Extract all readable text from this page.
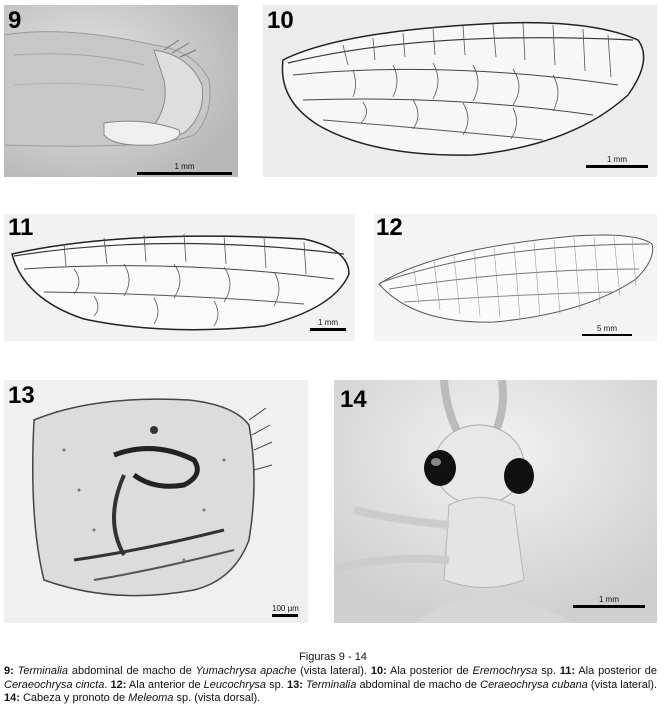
9
1 mm
10
1 mm
11
1 mm
12
5 mm
13
100 µm
14
1 mm
Figuras 9 - 14
9: Terminalia abdominal de macho de Yumachrysa apache (vista lateral). 10: Ala posterior de Eremochrysa sp. 11: Ala posterior de Ceraeochrysa cincta. 12: Ala anterior de Leucochrysa sp. 13: Terminalia abdominal de macho de Ceraeochrysa cubana (vista lateral). 14: Cabeza y pronoto de Meleoma sp. (vista dorsal).
